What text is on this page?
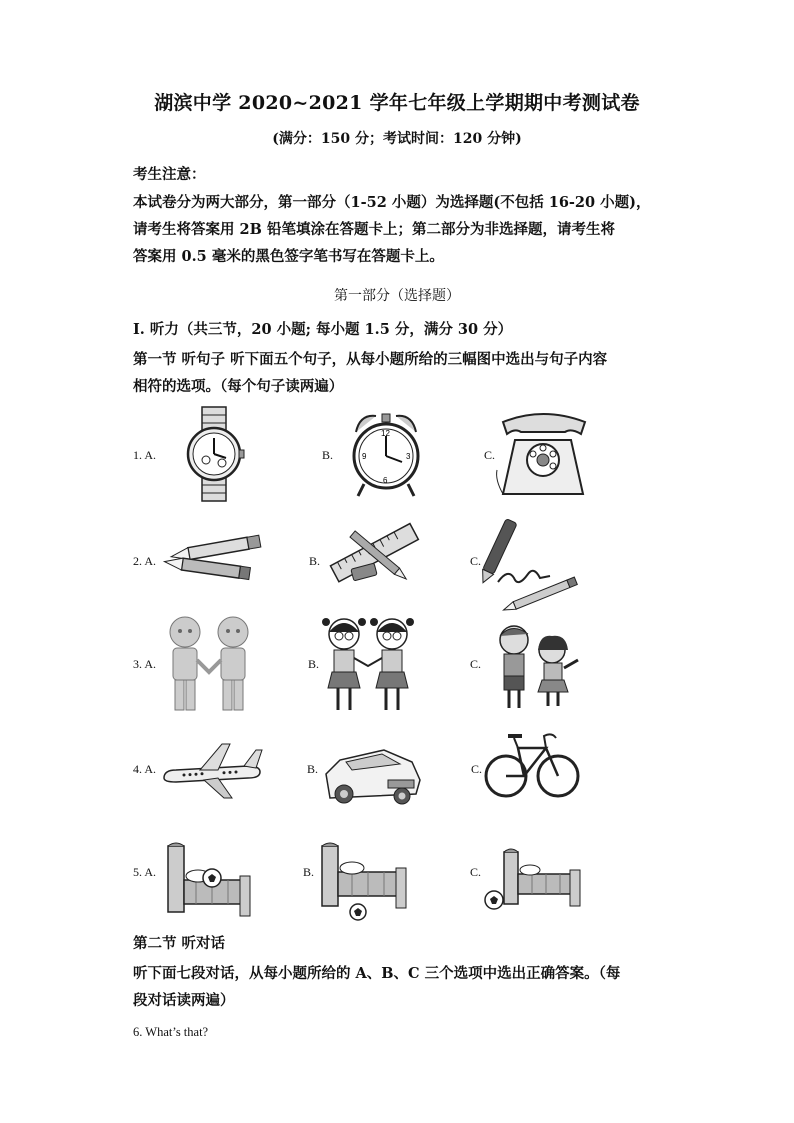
湖滨中学 2020~2021 学年七年级上学期期中考测试卷
(满分：150 分；考试时间：120 分钟)
考生注意：
本试卷分为两大部分，第一部分（1-52 小题）为选择题(不包括 16-20 小题)，
请考生将答案用 2B 铅笔填涂在答题卡上；第二部分为非选择题，请考生将
答案用 0.5 毫米的黑色签字笔书写在答题卡上。
第一部分（选择题）
I. 听力（共三节，20 小题; 每小题 1.5 分，满分 30 分）
第一节 听句子 听下面五个句子，从每小题所给的三幅图中选出与句子内容
相符的选项。（每个句子读两遍）
1. A.	B.	C.
12
6
9	3
2. A.	B.	C.
3. A.	B.	C.
4. A.	B.	C.
5. A.	B.	C.
第二节 听对话
听下面七段对话，从每小题所给的 A、B、C 三个选项中选出正确答案。（每
段对话读两遍）
6. What’s that?
